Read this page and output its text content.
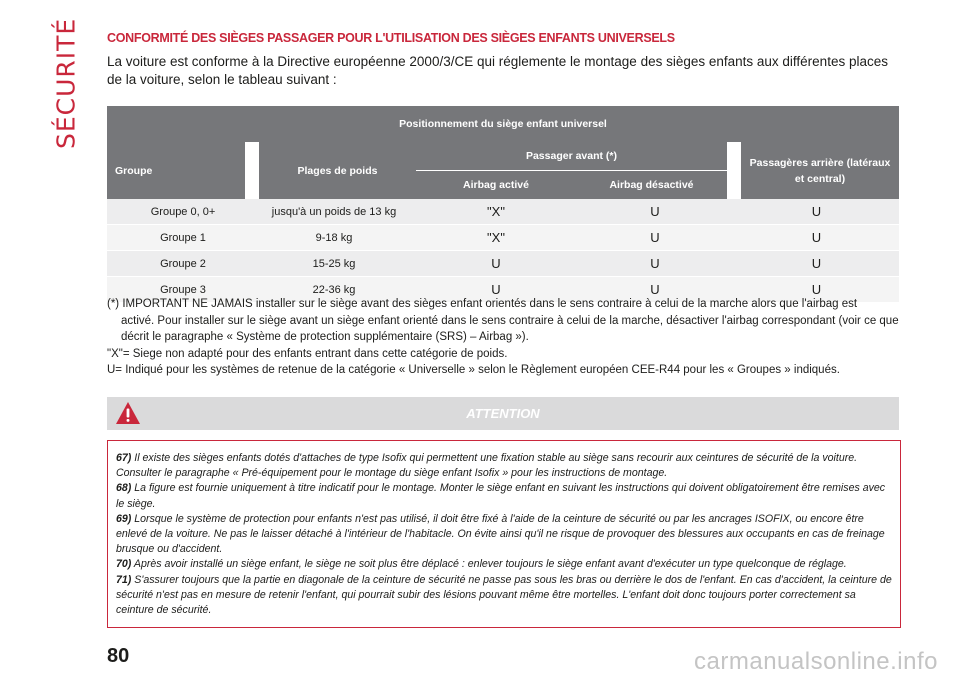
SÉCURITÉ	CONFORMITÉ DES SIÈGES PASSAGER POUR L'UTILISATION DES SIÈGES ENFANTS UNIVERSELS
La voiture est conforme à la Directive européenne 2000/3/CE qui réglemente le montage des sièges enfants aux différentes places de la voiture, selon le tableau suivant :
Positionnement du siège enfant universel				
Groupe	Plages de poids	Passager avant (*)		Passagères arrière (latéraux et central)
		Airbag activé	Airbag désactivé	
Groupe 0, 0+	jusqu'à un poids de 13 kg	"X"	U	U
Groupe 1	9-18 kg	"X"	U	U
Groupe 2	15-25 kg	U	U	U
Groupe 3	22-36 kg	U	U	U

(*) IMPORTANT NE JAMAIS installer sur le siège avant des sièges enfant orientés dans le sens contraire à celui de la marche alors que l'airbag est

activé. Pour installer sur le siège avant un siège enfant orienté dans le sens contraire à celui de la marche, désactiver l'airbag correspondant (voir ce que décrit le paragraphe « Système de protection supplémentaire (SRS) – Airbag »).

"X"= Siege non adapté pour des enfants entrant dans cette catégorie de poids.

U= Indiqué pour les systèmes de retenue de la catégorie « Universelle » selon le Règlement européen CEE-R44 pour les « Groupes » indiqués.

ATTENTION

67) Il existe des sièges enfants dotés d'attaches de type Isofix qui permettent une fixation stable au siège sans recourir aux ceintures de sécurité de la voiture. Consulter le paragraphe « Pré-équipement pour le montage du siège enfant Isofix » pour les instructions de montage.

68) La figure est fournie uniquement à titre indicatif pour le montage. Monter le siège enfant en suivant les instructions qui doivent obligatoirement être remises avec le siège.

69) Lorsque le système de protection pour enfants n'est pas utilisé, il doit être fixé à l'aide de la ceinture de sécurité ou par les ancrages ISOFIX, ou encore être enlevé de la voiture. Ne pas le laisser détaché à l'intérieur de l'habitacle. On évite ainsi qu'il ne risque de provoquer des blessures aux occupants en cas de freinage brusque ou d'accident.

70) Après avoir installé un siège enfant, le siège ne soit plus être déplacé : enlever toujours le siège enfant avant d'exécuter un type quelconque de réglage.

71) S'assurer toujours que la partie en diagonale de la ceinture de sécurité ne passe pas sous les bras ou derrière le dos de l'enfant. En cas d'accident, la ceinture de sécurité n'est pas en mesure de retenir l'enfant, qui pourrait subir des lésions pouvant même être mortelles. L'enfant doit donc toujours porter correctement sa ceinture de sécurité.

80	carmanualsonline.info
